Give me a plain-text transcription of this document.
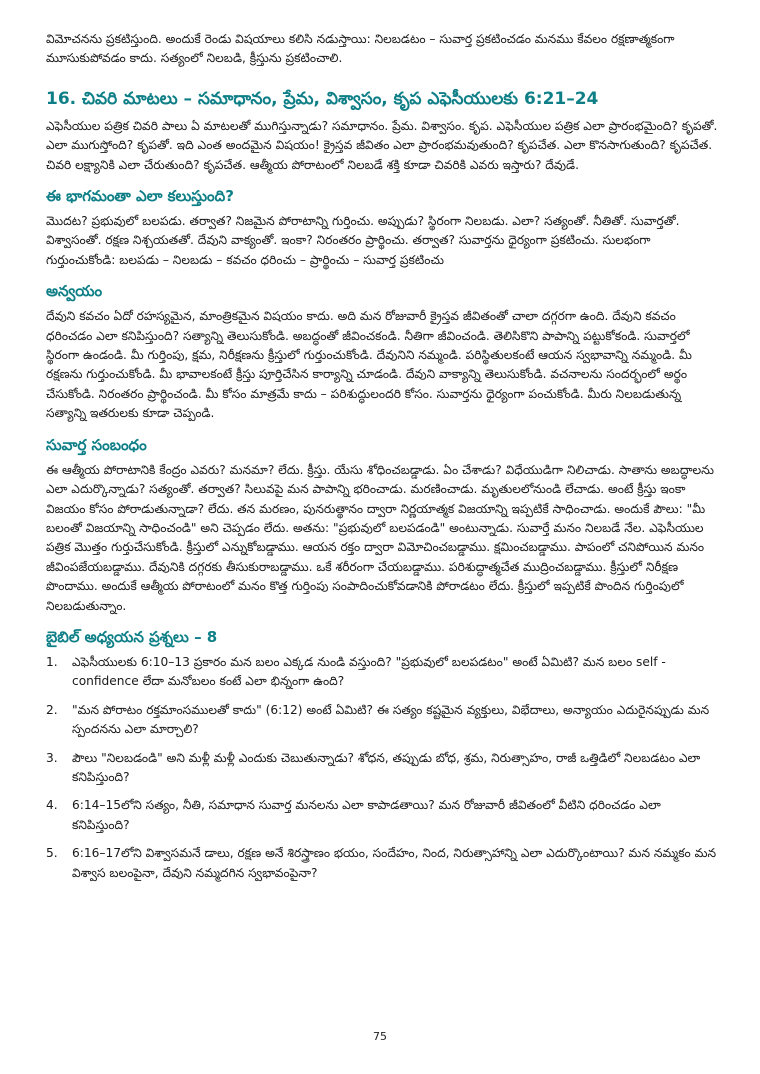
విమోచనను ప్రకటిస్తుంది. అందుకే రెండు విషయాలు కలిసి నడుస్తాయి: నిలబడటం – సువార్త ప్రకటించడం మనము కేవలం రక్షణాత్మకంగా మూసుకుపోవడం కాదు. సత్యంలో నిలబడి, క్రీస్తును ప్రకటించాలి.

16. చివరి మాటలు – సమాధానం, ప్రేమ, విశ్వాసం, కృప ఎఫెసీయులకు 6:21–24

ఎఫెసీయుల పత్రిక చివరి పాలు ఏ మాటలతో ముగిస్తున్నాడు? సమాధానం. ప్రేమ. విశ్వాసం. కృప. ఎఫెసీయుల పత్రిక ఎలా ప్రారంభమైంది? కృపతో. ఎలా ముగుస్తోంది? కృపతో. ఇది ఎంత అందమైన విషయం! క్రైస్తవ జీవితం ఎలా ప్రారంభమవుతుంది? కృపచేత. ఎలా కొనసాగుతుంది? కృపచేత. చివరి లక్ష్యానికి ఎలా చేరుతుంది? కృపచేత. ఆత్మీయ పోరాటంలో నిలబడే శక్తి కూడా చివరికి ఎవరు ఇస్తారు? దేవుడే.

ఈ భాగమంతా ఎలా కలుస్తుంది?

మొదట? ప్రభువులో బలపడు. తర్వాత? నిజమైన పోరాటాన్ని గుర్తించు. అప్పుడు? స్థిరంగా నిలబడు. ఎలా? సత్యంతో. నీతితో. సువార్తతో. విశ్వాసంతో. రక్షణ నిశ్చయతతో. దేవుని వాక్యంతో. ఇంకా? నిరంతరం ప్రార్థించు. తర్వాత? సువార్తను ధైర్యంగా ప్రకటించు. సులభంగా గుర్తుంచుకోండి: బలపడు – నిలబడు – కవచం ధరించు – ప్రార్థించు – సువార్త ప్రకటించు

అన్వయం

దేవుని కవచం ఏదో రహస్యమైన, మాంత్రికమైన విషయం కాదు. అది మన రోజువారీ క్రైస్తవ జీవితంతో చాలా దగ్గరగా ఉంది. దేవుని కవచం ధరించడం ఎలా కనిపిస్తుంది? సత్యాన్ని తెలుసుకోండి. అబద్ధంతో జీవించకండి. నీతిగా జీవించండి. తెలిసికొని పాపాన్ని పట్టుకోకండి. సువార్తలో స్థిరంగా ఉండండి. మీ గుర్తింపు, క్షమ, నిరీక్షణను క్రీస్తులో గుర్తుంచుకోండి. దేవునిని నమ్మండి. పరిస్థితులకంటే ఆయన స్వభావాన్ని నమ్మండి. మీ రక్షణను గుర్తుంచుకోండి. మీ భావాలకంటే క్రీస్తు పూర్తిచేసిన కార్యాన్ని చూడండి. దేవుని వాక్యాన్ని తెలుసుకోండి. వచనాలను సందర్భంలో అర్థం చేసుకోండి. నిరంతరం ప్రార్థించండి. మీ కోసం మాత్రమే కాదు – పరిశుద్ధులందరి కోసం. సువార్తను ధైర్యంగా పంచుకోండి. మీరు నిలబడుతున్న సత్యాన్ని ఇతరులకు కూడా చెప్పండి.

సువార్త సంబంధం

ఈ ఆత్మీయ పోరాటానికి కేంద్రం ఎవరు? మనమా? లేదు. క్రీస్తు. యేసు శోధించబడ్డాడు. ఏం చేశాడు? విధేయుడిగా నిలిచాడు. సాతాను అబద్ధాలను ఎలా ఎదుర్కొన్నాడు? సత్యంతో. తర్వాత? సిలువపై మన పాపాన్ని భరించాడు. మరణించాడు. మృతులలోనుండి లేచాడు. అంటే క్రీస్తు ఇంకా విజయం కోసం పోరాడుతున్నాడా? లేదు. తన మరణం, పునరుత్థానం ద్వారా నిర్ణయాత్మక విజయాన్ని ఇప్పటికే సాధించాడు. అందుకే పౌలు: "మీ బలంతో విజయాన్ని సాధించండి" అని చెప్పడం లేదు. అతను: "ప్రభువులో బలపడండి" అంటున్నాడు. సువార్తే మనం నిలబడే నేల. ఎఫెసీయుల పత్రిక మొత్తం గుర్తుచేసుకోండి. క్రీస్తులో ఎన్నుకోబడ్డాము. ఆయన రక్తం ద్వారా విమోచించబడ్డాము. క్షమించబడ్డాము. పాపంలో చనిపోయిన మనం జీవింపజేయబడ్డాము. దేవునికి దగ్గరకు తీసుకురాబడ్డాము. ఒకే శరీరంగా చేయబడ్డాము. పరిశుద్ధాత్మచేత ముద్రించబడ్డాము. క్రీస్తులో నిరీక్షణ పొందాము. అందుకే ఆత్మీయ పోరాటంలో మనం కొత్త గుర్తింపు సంపాదించుకోవడానికి పోరాడటం లేదు. క్రీస్తులో ఇప్పటికే పొందిన గుర్తింపులో నిలబడుతున్నాం.

బైబిల్ అధ్యయన ప్రశ్నలు – 8
1.	ఎఫెసీయులకు 6:10–13 ప్రకారం మన బలం ఎక్కడ నుండి వస్తుంది? "ప్రభువులో బలపడటం" అంటే ఏమిటి? మన బలం self -confidence లేదా మనోబలం కంటే ఎలా భిన్నంగా ఉంది?
2.	"మన పోరాటం రక్తమాంసములతో కాదు" (6:12) అంటే ఏమిటి? ఈ సత్యం కష్టమైన వ్యక్తులు, విభేదాలు, అన్యాయం ఎదురైనప్పుడు మన స్పందనను ఎలా మార్చాలి?
3.	పౌలు "నిలబడండి" అని మళ్లీ మళ్లీ ఎందుకు చెబుతున్నాడు? శోధన, తప్పుడు బోధ, శ్రమ, నిరుత్సాహం, రాజీ ఒత్తిడిలో నిలబడటం ఎలా కనిపిస్తుంది?
4.	6:14–15లోని సత్యం, నీతి, సమాధాన సువార్త మనలను ఎలా కాపాడతాయి? మన రోజువారీ జీవితంలో వీటిని ధరించడం ఎలా కనిపిస్తుంది?
5.	6:16–17లోని విశ్వాసమనే డాలు, రక్షణ అనే శిరస్త్రాణం భయం, సందేహం, నింద, నిరుత్సాహాన్ని ఎలా ఎదుర్కొంటాయి? మన నమ్మకం మన విశ్వాస బలంపైనా, దేవుని నమ్మదగిన స్వభావంపైనా?
75
